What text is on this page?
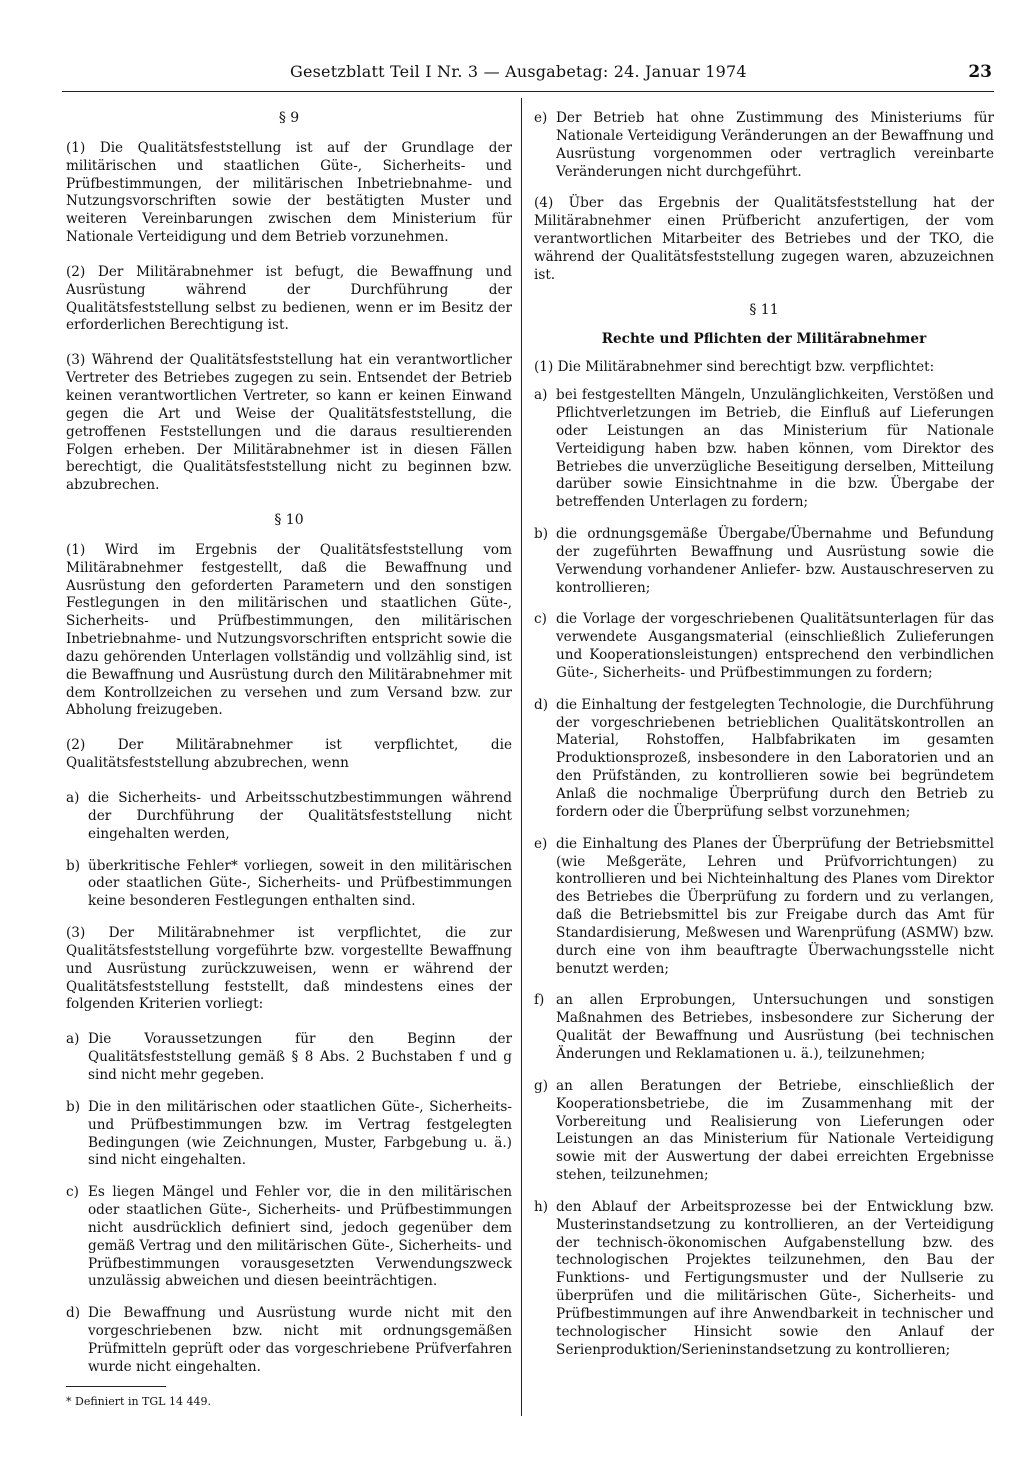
Gesetzblatt Teil I Nr. 3 — Ausgabetag: 24. Januar 1974	23
§ 9

(1) Die Qualitätsfeststellung ist auf der Grundlage der militärischen und staatlichen Güte-, Sicherheits- und Prüfbestimmungen, der militärischen Inbetriebnahme- und Nutzungsvorschriften sowie der bestätigten Muster und weiteren Vereinbarungen zwischen dem Ministerium für Nationale Verteidigung und dem Betrieb vorzunehmen.

(2) Der Militärabnehmer ist befugt, die Bewaffnung und Ausrüstung während der Durchführung der Qualitätsfeststellung selbst zu bedienen, wenn er im Besitz der erforderlichen Berechtigung ist.

(3) Während der Qualitätsfeststellung hat ein verantwortlicher Vertreter des Betriebes zugegen zu sein. Entsendet der Betrieb keinen verantwortlichen Vertreter, so kann er keinen Einwand gegen die Art und Weise der Qualitätsfeststellung, die getroffenen Feststellungen und die daraus resultierenden Folgen erheben. Der Militärabnehmer ist in diesen Fällen berechtigt, die Qualitätsfeststellung nicht zu beginnen bzw. abzubrechen.

§ 10

(1) Wird im Ergebnis der Qualitätsfeststellung vom Militärabnehmer festgestellt, daß die Bewaffnung und Ausrüstung den geforderten Parametern und den sonstigen Festlegungen in den militärischen und staatlichen Güte-, Sicherheits- und Prüfbestimmungen, den militärischen Inbetriebnahme- und Nutzungsvorschriften entspricht sowie die dazu gehörenden Unterlagen vollständig und vollzählig sind, ist die Bewaffnung und Ausrüstung durch den Militärabnehmer mit dem Kontrollzeichen zu versehen und zum Versand bzw. zur Abholung freizugeben.

(2) Der Militärabnehmer ist verpflichtet, die Qualitätsfeststellung abzubrechen, wenn

a) die Sicherheits- und Arbeitsschutzbestimmungen während der Durchführung der Qualitätsfeststellung nicht eingehalten werden,
b) überkritische Fehler* vorliegen, soweit in den militärischen oder staatlichen Güte-, Sicherheits- und Prüfbestimmungen keine besonderen Festlegungen enthalten sind.

(3) Der Militärabnehmer ist verpflichtet, die zur Qualitätsfeststellung vorgeführte bzw. vorgestellte Bewaffnung und Ausrüstung zurückzuweisen, wenn er während der Qualitätsfeststellung feststellt, daß mindestens eines der folgenden Kriterien vorliegt:

a) Die Voraussetzungen für den Beginn der Qualitätsfeststellung gemäß § 8 Abs. 2 Buchstaben f und g sind nicht mehr gegeben.
b) Die in den militärischen oder staatlichen Güte-, Sicherheits- und Prüfbestimmungen bzw. im Vertrag festgelegten Bedingungen (wie Zeichnungen, Muster, Farbgebung u. ä.) sind nicht eingehalten.
c) Es liegen Mängel und Fehler vor, die in den militärischen oder staatlichen Güte-, Sicherheits- und Prüfbestimmungen nicht ausdrücklich definiert sind, jedoch gegenüber dem gemäß Vertrag und den militärischen Güte-, Sicherheits- und Prüfbestimmungen vorausgesetzten Verwendungszweck unzulässig abweichen und diesen beeinträchtigen.
d) Die Bewaffnung und Ausrüstung wurde nicht mit den vorgeschriebenen bzw. nicht mit ordnungsgemäßen Prüfmitteln geprüft oder das vorgeschriebene Prüfverfahren wurde nicht eingehalten.
* Definiert in TGL 14 449.
e) Der Betrieb hat ohne Zustimmung des Ministeriums für Nationale Verteidigung Veränderungen an der Bewaffnung und Ausrüstung vorgenommen oder vertraglich vereinbarte Veränderungen nicht durchgeführt.

(4) Über das Ergebnis der Qualitätsfeststellung hat der Militärabnehmer einen Prüfbericht anzufertigen, der vom verantwortlichen Mitarbeiter des Betriebes und der TKO, die während der Qualitätsfeststellung zugegen waren, abzuzeichnen ist.

§ 11
Rechte und Pflichten der Militärabnehmer

(1) Die Militärabnehmer sind berechtigt bzw. verpflichtet:

a) bei festgestellten Mängeln, Unzulänglichkeiten, Verstößen und Pflichtverletzungen im Betrieb, die Einfluß auf Lieferungen oder Leistungen an das Ministerium für Nationale Verteidigung haben bzw. haben können, vom Direktor des Betriebes die unverzügliche Beseitigung derselben, Mitteilung darüber sowie Einsichtnahme in die bzw. Übergabe der betreffenden Unterlagen zu fordern;
b) die ordnungsgemäße Übergabe/Übernahme und Befundung der zugeführten Bewaffnung und Ausrüstung sowie die Verwendung vorhandener Anliefer- bzw. Austauschreserven zu kontrollieren;
c) die Vorlage der vorgeschriebenen Qualitätsunterlagen für das verwendete Ausgangsmaterial (einschließlich Zulieferungen und Kooperationsleistungen) entsprechend den verbindlichen Güte-, Sicherheits- und Prüfbestimmungen zu fordern;
d) die Einhaltung der festgelegten Technologie, die Durchführung der vorgeschriebenen betrieblichen Qualitätskontrollen an Material, Rohstoffen, Halbfabrikaten im gesamten Produktionsprozeß, insbesondere in den Laboratorien und an den Prüfständen, zu kontrollieren sowie bei begründetem Anlaß die nochmalige Überprüfung durch den Betrieb zu fordern oder die Überprüfung selbst vorzunehmen;
e) die Einhaltung des Planes der Überprüfung der Betriebsmittel (wie Meßgeräte, Lehren und Prüfvorrichtungen) zu kontrollieren und bei Nichteinhaltung des Planes vom Direktor des Betriebes die Überprüfung zu fordern und zu verlangen, daß die Betriebsmittel bis zur Freigabe durch das Amt für Standardisierung, Meßwesen und Warenprüfung (ASMW) bzw. durch eine von ihm beauftragte Überwachungsstelle nicht benutzt werden;
f) an allen Erprobungen, Untersuchungen und sonstigen Maßnahmen des Betriebes, insbesondere zur Sicherung der Qualität der Bewaffnung und Ausrüstung (bei technischen Änderungen und Reklamationen u. ä.), teilzunehmen;
g) an allen Beratungen der Betriebe, einschließlich der Kooperationsbetriebe, die im Zusammenhang mit der Vorbereitung und Realisierung von Lieferungen oder Leistungen an das Ministerium für Nationale Verteidigung sowie mit der Auswertung der dabei erreichten Ergebnisse stehen, teilzunehmen;
h) den Ablauf der Arbeitsprozesse bei der Entwicklung bzw. Musterinstandsetzung zu kontrollieren, an der Verteidigung der technisch-ökonomischen Aufgabenstellung bzw. des technologischen Projektes teilzunehmen, den Bau der Funktions- und Fertigungsmuster und der Nullserie zu überprüfen und die militärischen Güte-, Sicherheits- und Prüfbestimmungen auf ihre Anwendbarkeit in technischer und technologischer Hinsicht sowie den Anlauf der Serienproduktion/Serieninstandsetzung zu kontrollieren;
